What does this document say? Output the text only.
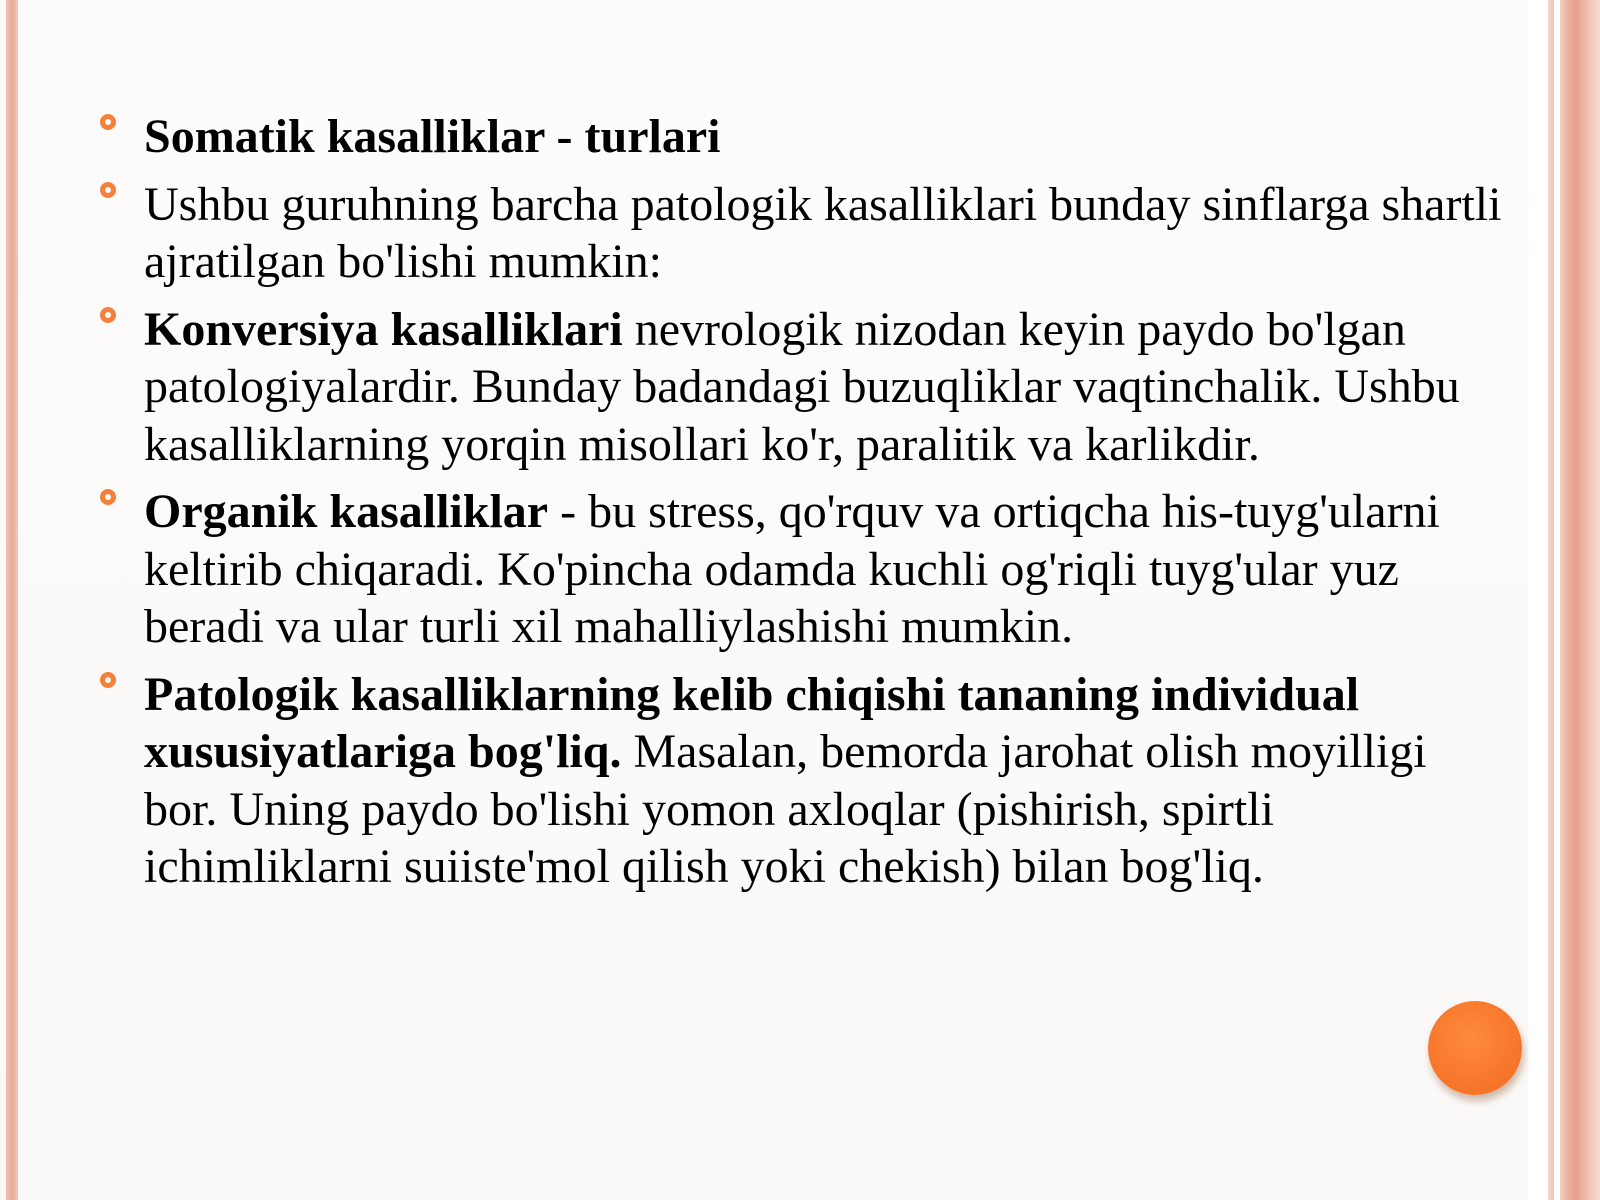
Somatik kasalliklar - turlari
Ushbu guruhning barcha patologik kasalliklari bunday sinflarga shartli ajratilgan bo'lishi mumkin:
Konversiya kasalliklari nevrologik nizodan keyin paydo bo'lgan patologiyalardir. Bunday badandagi buzuqliklar vaqtinchalik. Ushbu kasalliklarning yorqin misollari ko'r, paralitik va karlikdir.
Organik kasalliklar - bu stress, qo'rquv va ortiqcha his-tuyg'ularni keltirib chiqaradi. Ko'pincha odamda kuchli og'riqli tuyg'ular yuz beradi va ular turli xil mahalliylashishi mumkin.
Patologik kasalliklarning kelib chiqishi tananing individual xususiyatlariga bog'liq. Masalan, bemorda jarohat olish moyilligi bor. Uning paydo bo'lishi yomon axloqlar (pishirish, spirtli ichimliklarni suiiste'mol qilish yoki chekish) bilan bog'liq.
